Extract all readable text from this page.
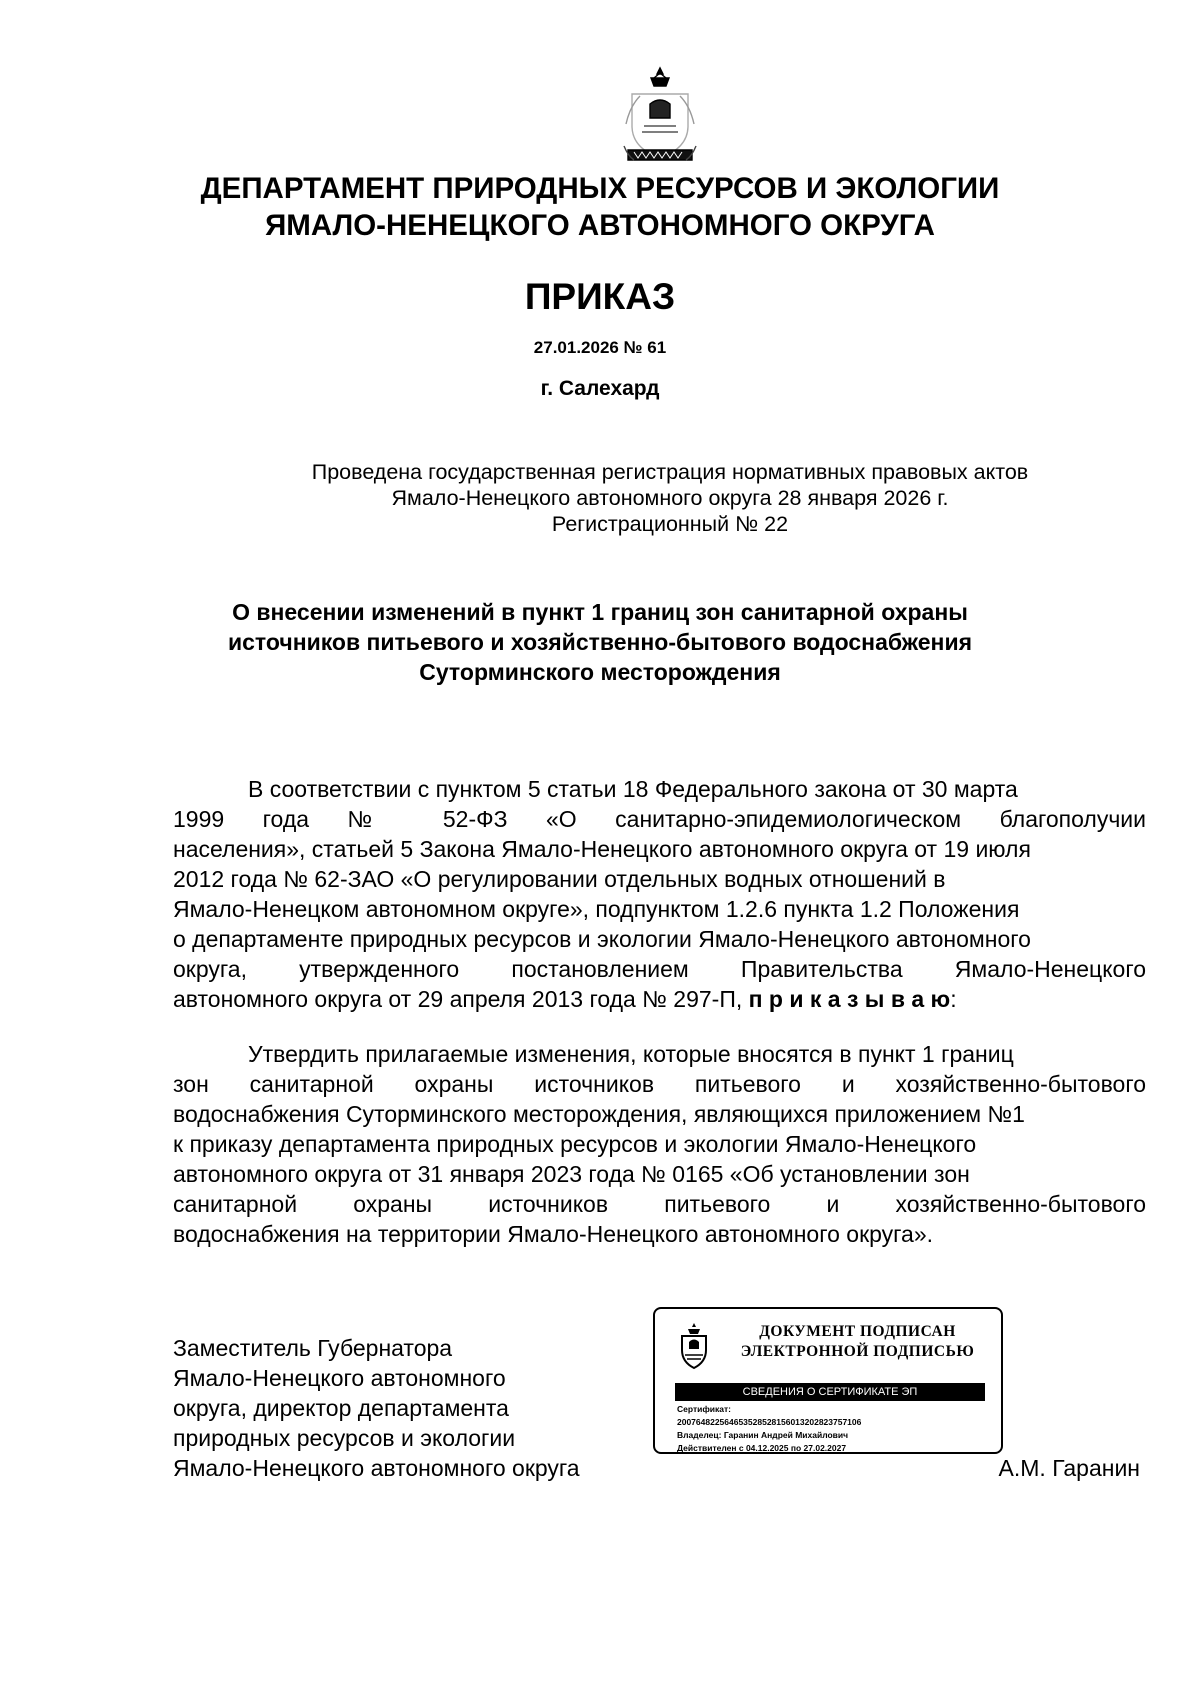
ДЕПАРТАМЕНТ ПРИРОДНЫХ РЕСУРСОВ И ЭКОЛОГИИ
ЯМАЛО-НЕНЕЦКОГО АВТОНОМНОГО ОКРУГА
ПРИКАЗ
27.01.2026 № 61
г. Салехард
Проведена государственная регистрация нормативных правовых актов
Ямало-Ненецкого автономного округа 28 января 2026 г.
Регистрационный № 22
О внесении изменений в пункт 1 границ зон санитарной охраны
источников питьевого и хозяйственно-бытового водоснабжения
Суторминского месторождения
В соответствии с пунктом 5 статьи 18 Федерального закона от 30 марта
1999 года № 52-ФЗ «О санитарно-эпидемиологическом благополучии
населения», статьей 5 Закона Ямало-Ненецкого автономного округа от 19 июля
2012 года № 62-ЗАО «О регулировании отдельных водных отношений в
Ямало-Ненецком автономном округе», подпунктом 1.2.6 пункта 1.2 Положения
о департаменте природных ресурсов и экологии Ямало-Ненецкого автономного
округа, утвержденного постановлением Правительства Ямало-Ненецкого
автономного округа от 29 апреля 2013 года № 297-П, п р и к а з ы в а ю:
Утвердить прилагаемые изменения, которые вносятся в пункт 1 границ
зон санитарной охраны источников питьевого и хозяйственно-бытового
водоснабжения Суторминского месторождения, являющихся приложением №1
к приказу департамента природных ресурсов и экологии Ямало-Ненецкого
автономного округа от 31 января 2023 года № 0165 «Об установлении зон
санитарной охраны источников питьевого и хозяйственно-бытового
водоснабжения на территории Ямало-Ненецкого автономного округа».
Заместитель Губернатора
Ямало-Ненецкого автономного
округа, директор департамента
природных ресурсов и экологии
Ямало-Ненецкого автономного округа	А.М. Гаранин
ДОКУМЕНТ ПОДПИСАН
ЭЛЕКТРОННОЙ ПОДПИСЬЮ
СВЕДЕНИЯ О СЕРТИФИКАТЕ ЭП
Сертификат:
2007648225646535285281560132028237571​06
Владелец: Гаранин Андрей Михайлович
Действителен с 04.12.2025 по 27.02.2027
